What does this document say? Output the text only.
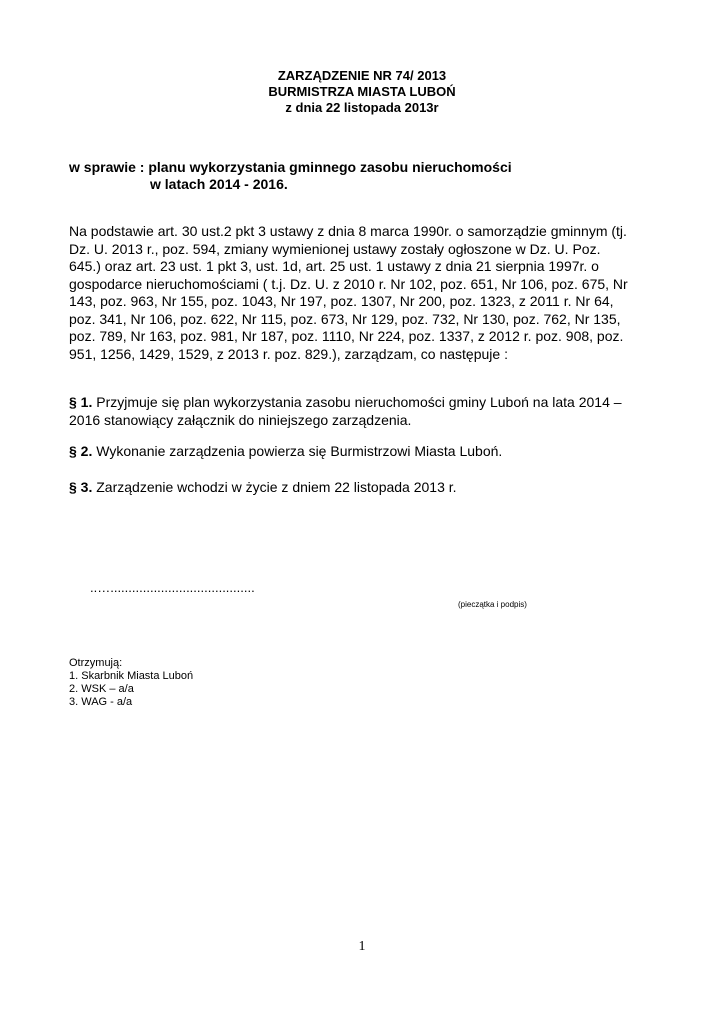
ZARZĄDZENIE NR 74/ 2013
BURMISTRZA MIASTA LUBOŃ
z dnia 22 listopada 2013r
w sprawie : planu wykorzystania gminnego zasobu nieruchomości
w latach 2014 - 2016.
Na podstawie art. 30 ust.2 pkt 3 ustawy z dnia 8 marca 1990r. o samorządzie gminnym (tj.
Dz. U. 2013 r., poz. 594, zmiany wymienionej ustawy zostały ogłoszone w Dz. U. Poz.
645.) oraz art. 23 ust. 1 pkt 3, ust. 1d, art. 25 ust. 1 ustawy z dnia 21 sierpnia 1997r. o
gospodarce nieruchomościami ( t.j. Dz. U. z 2010 r. Nr 102, poz. 651, Nr 106, poz. 675, Nr
143, poz. 963, Nr 155, poz. 1043, Nr 197, poz. 1307, Nr 200, poz. 1323, z 2011 r. Nr 64,
poz. 341, Nr 106, poz. 622, Nr 115, poz. 673, Nr 129, poz. 732, Nr 130, poz. 762, Nr 135,
poz. 789, Nr 163, poz. 981, Nr 187, poz. 1110, Nr 224, poz. 1337, z 2012 r. poz. 908, poz.
951, 1256, 1429, 1529, z 2013 r. poz. 829.), zarządzam, co następuje :
§ 1. Przyjmuje się plan wykorzystania zasobu nieruchomości gminy Luboń na lata 2014 –
2016 stanowiący załącznik do niniejszego zarządzenia.
§ 2. Wykonanie zarządzenia powierza się Burmistrzowi Miasta Luboń.
§ 3. Zarządzenie wchodzi w życie z dniem 22 listopada 2013 r.
..…........................................
(pieczątka i podpis)
Otrzymują:
1. Skarbnik Miasta Luboń
2. WSK – a/a
3. WAG - a/a
1
